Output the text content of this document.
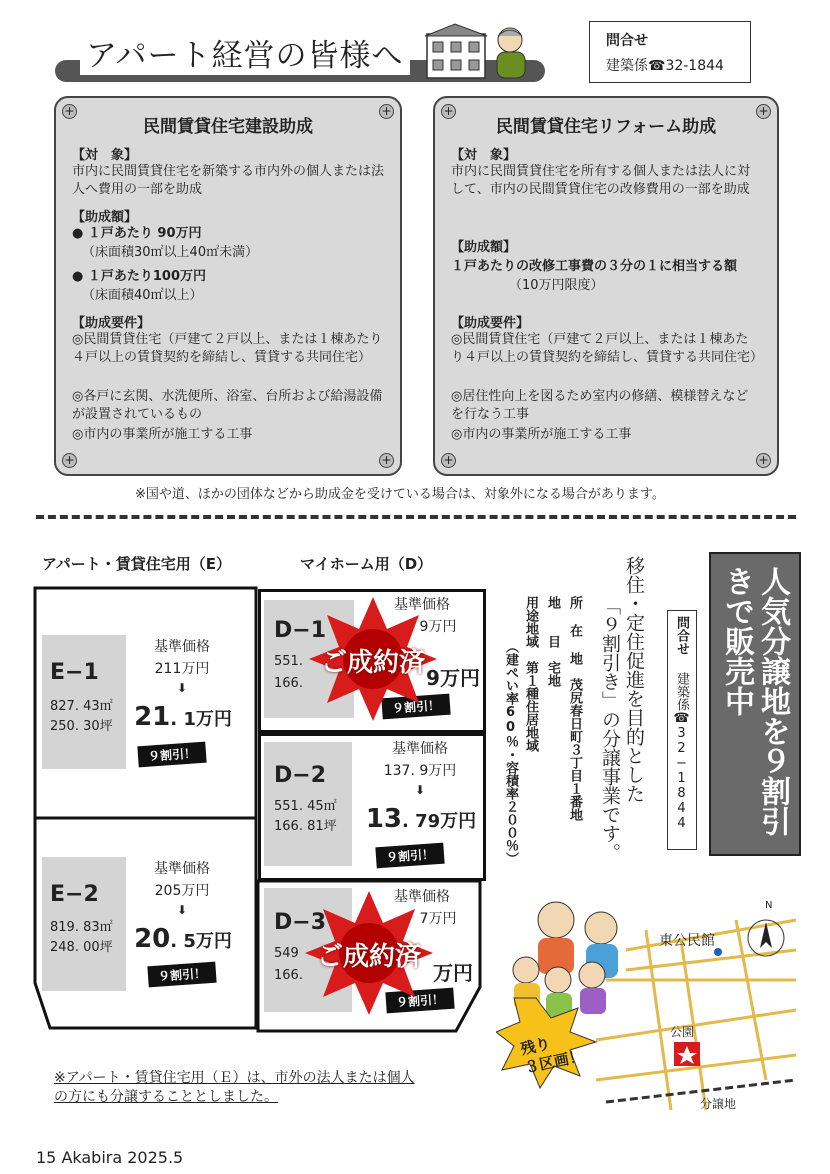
アパート経営の皆様へ	問合せ
建築係☎32-1844
+	+
+	+
民間賃貸住宅建設助成
【対　象】
市内に民間賃貸住宅を新築する市内外の個人または法人へ費用の一部を助成
【助成額】
● １戸あたり 90万円
（床面積30㎡以上40㎡未満）
● １戸あたり100万円
（床面積40㎡以上）
【助成要件】
◎民間賃貸住宅（戸建て２戸以上、または１棟あたり４戸以上の賃貸契約を締結し、賃貸する共同住宅）
◎各戸に玄関、水洗便所、浴室、台所および給湯設備が設置されているもの
◎市内の事業所が施工する工事
+	+
+	+
民間賃貸住宅リフォーム助成
【対　象】
市内に民間賃貸住宅を所有する個人または法人に対して、市内の民間賃貸住宅の改修費用の一部を助成
【助成額】
１戸あたりの改修工事費の３分の１に相当する額
（10万円限度）
【助成要件】
◎民間賃貸住宅（戸建て２戸以上、または１棟あたり４戸以上の賃貸契約を締結し、賃貸する共同住宅）
◎居住性向上を図るため室内の修繕、模様替えなどを行なう工事
◎市内の事業所が施工する工事
※国や道、ほかの団体などから助成金を受けている場合は、対象外になる場合があります。
アパート・賃貸住宅用（E）	マイホーム用（D）
E−1
827. 43㎡
250. 30坪
基準価格
211万円
⬇
21. 1万円
９割引！
E−2
819. 83㎡
248. 00坪
基準価格
205万円
⬇
20. 5万円
９割引！
D−1
551.
166.
基準価格
9万円
9万円
９割引！
ご成約済
D−2
551. 45㎡
166. 81坪
基準価格
137. 9万円
⬇
13. 79万円
９割引！
D−3
549
166.
基準価格
7万円
万円
９割引！
ご成約済
人気分譲地を９割引きで販売中
問合せ
建築係☎32−1844
移住・定住促進を目的とした
「９割引き」の分譲事業です。
所 在 地　茂尻春日町３丁目１番地
地　　目　宅地
用途地域　第１種住居地域
（建ぺい率60％・容積率２００％）
東公民館
N
公園
分譲地
残り
３区画！
※アパート・賃貸住宅用（Ｅ）は、市外の法人または個人の方にも分譲することとしました。
15 Akabira 2025.5
